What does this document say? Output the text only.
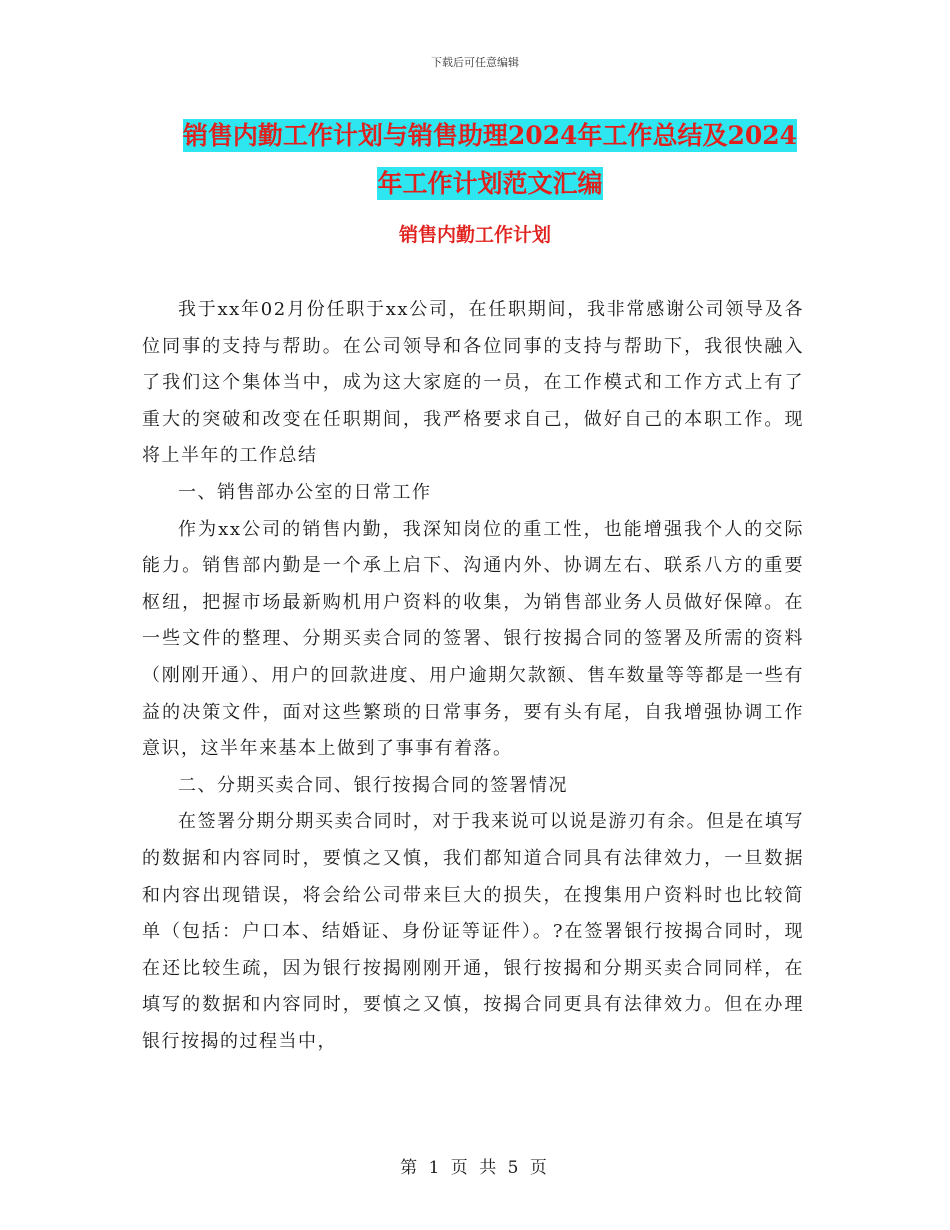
下载后可任意编辑
销售内勤工作计划与销售助理2024年工作总结及2024
年工作计划范文汇编
销售内勤工作计划

我于xx年02月份任职于xx公司，在任职期间，我非常感谢公司领导及各位同事的支持与帮助。在公司领导和各位同事的支持与帮助下，我很快融入了我们这个集体当中，成为这大家庭的一员，在工作模式和工作方式上有了重大的突破和改变在任职期间，我严格要求自己，做好自己的本职工作。现将上半年的工作总结

一、销售部办公室的日常工作

作为xx公司的销售内勤，我深知岗位的重工性，也能增强我个人的交际能力。销售部内勤是一个承上启下、沟通内外、协调左右、联系八方的重要枢纽，把握市场最新购机用户资料的收集，为销售部业务人员做好保障。在一些文件的整理、分期买卖合同的签署、银行按揭合同的签署及所需的资料（刚刚开通）、用户的回款进度、用户逾期欠款额、售车数量等等都是一些有益的决策文件，面对这些繁琐的日常事务，要有头有尾，自我增强协调工作意识，这半年来基本上做到了事事有着落。

二、分期买卖合同、银行按揭合同的签署情况

在签署分期分期买卖合同时，对于我来说可以说是游刃有余。但是在填写的数据和内容同时，要慎之又慎，我们都知道合同具有法律效力，一旦数据和内容出现错误，将会给公司带来巨大的损失，在搜集用户资料时也比较简单（包括：户口本、结婚证、身份证等证件）。?在签署银行按揭合同时，现在还比较生疏，因为银行按揭刚刚开通，银行按揭和分期买卖合同同样，在填写的数据和内容同时，要慎之又慎，按揭合同更具有法律效力。但在办理银行按揭的过程当中，

第 1 页 共 5 页
